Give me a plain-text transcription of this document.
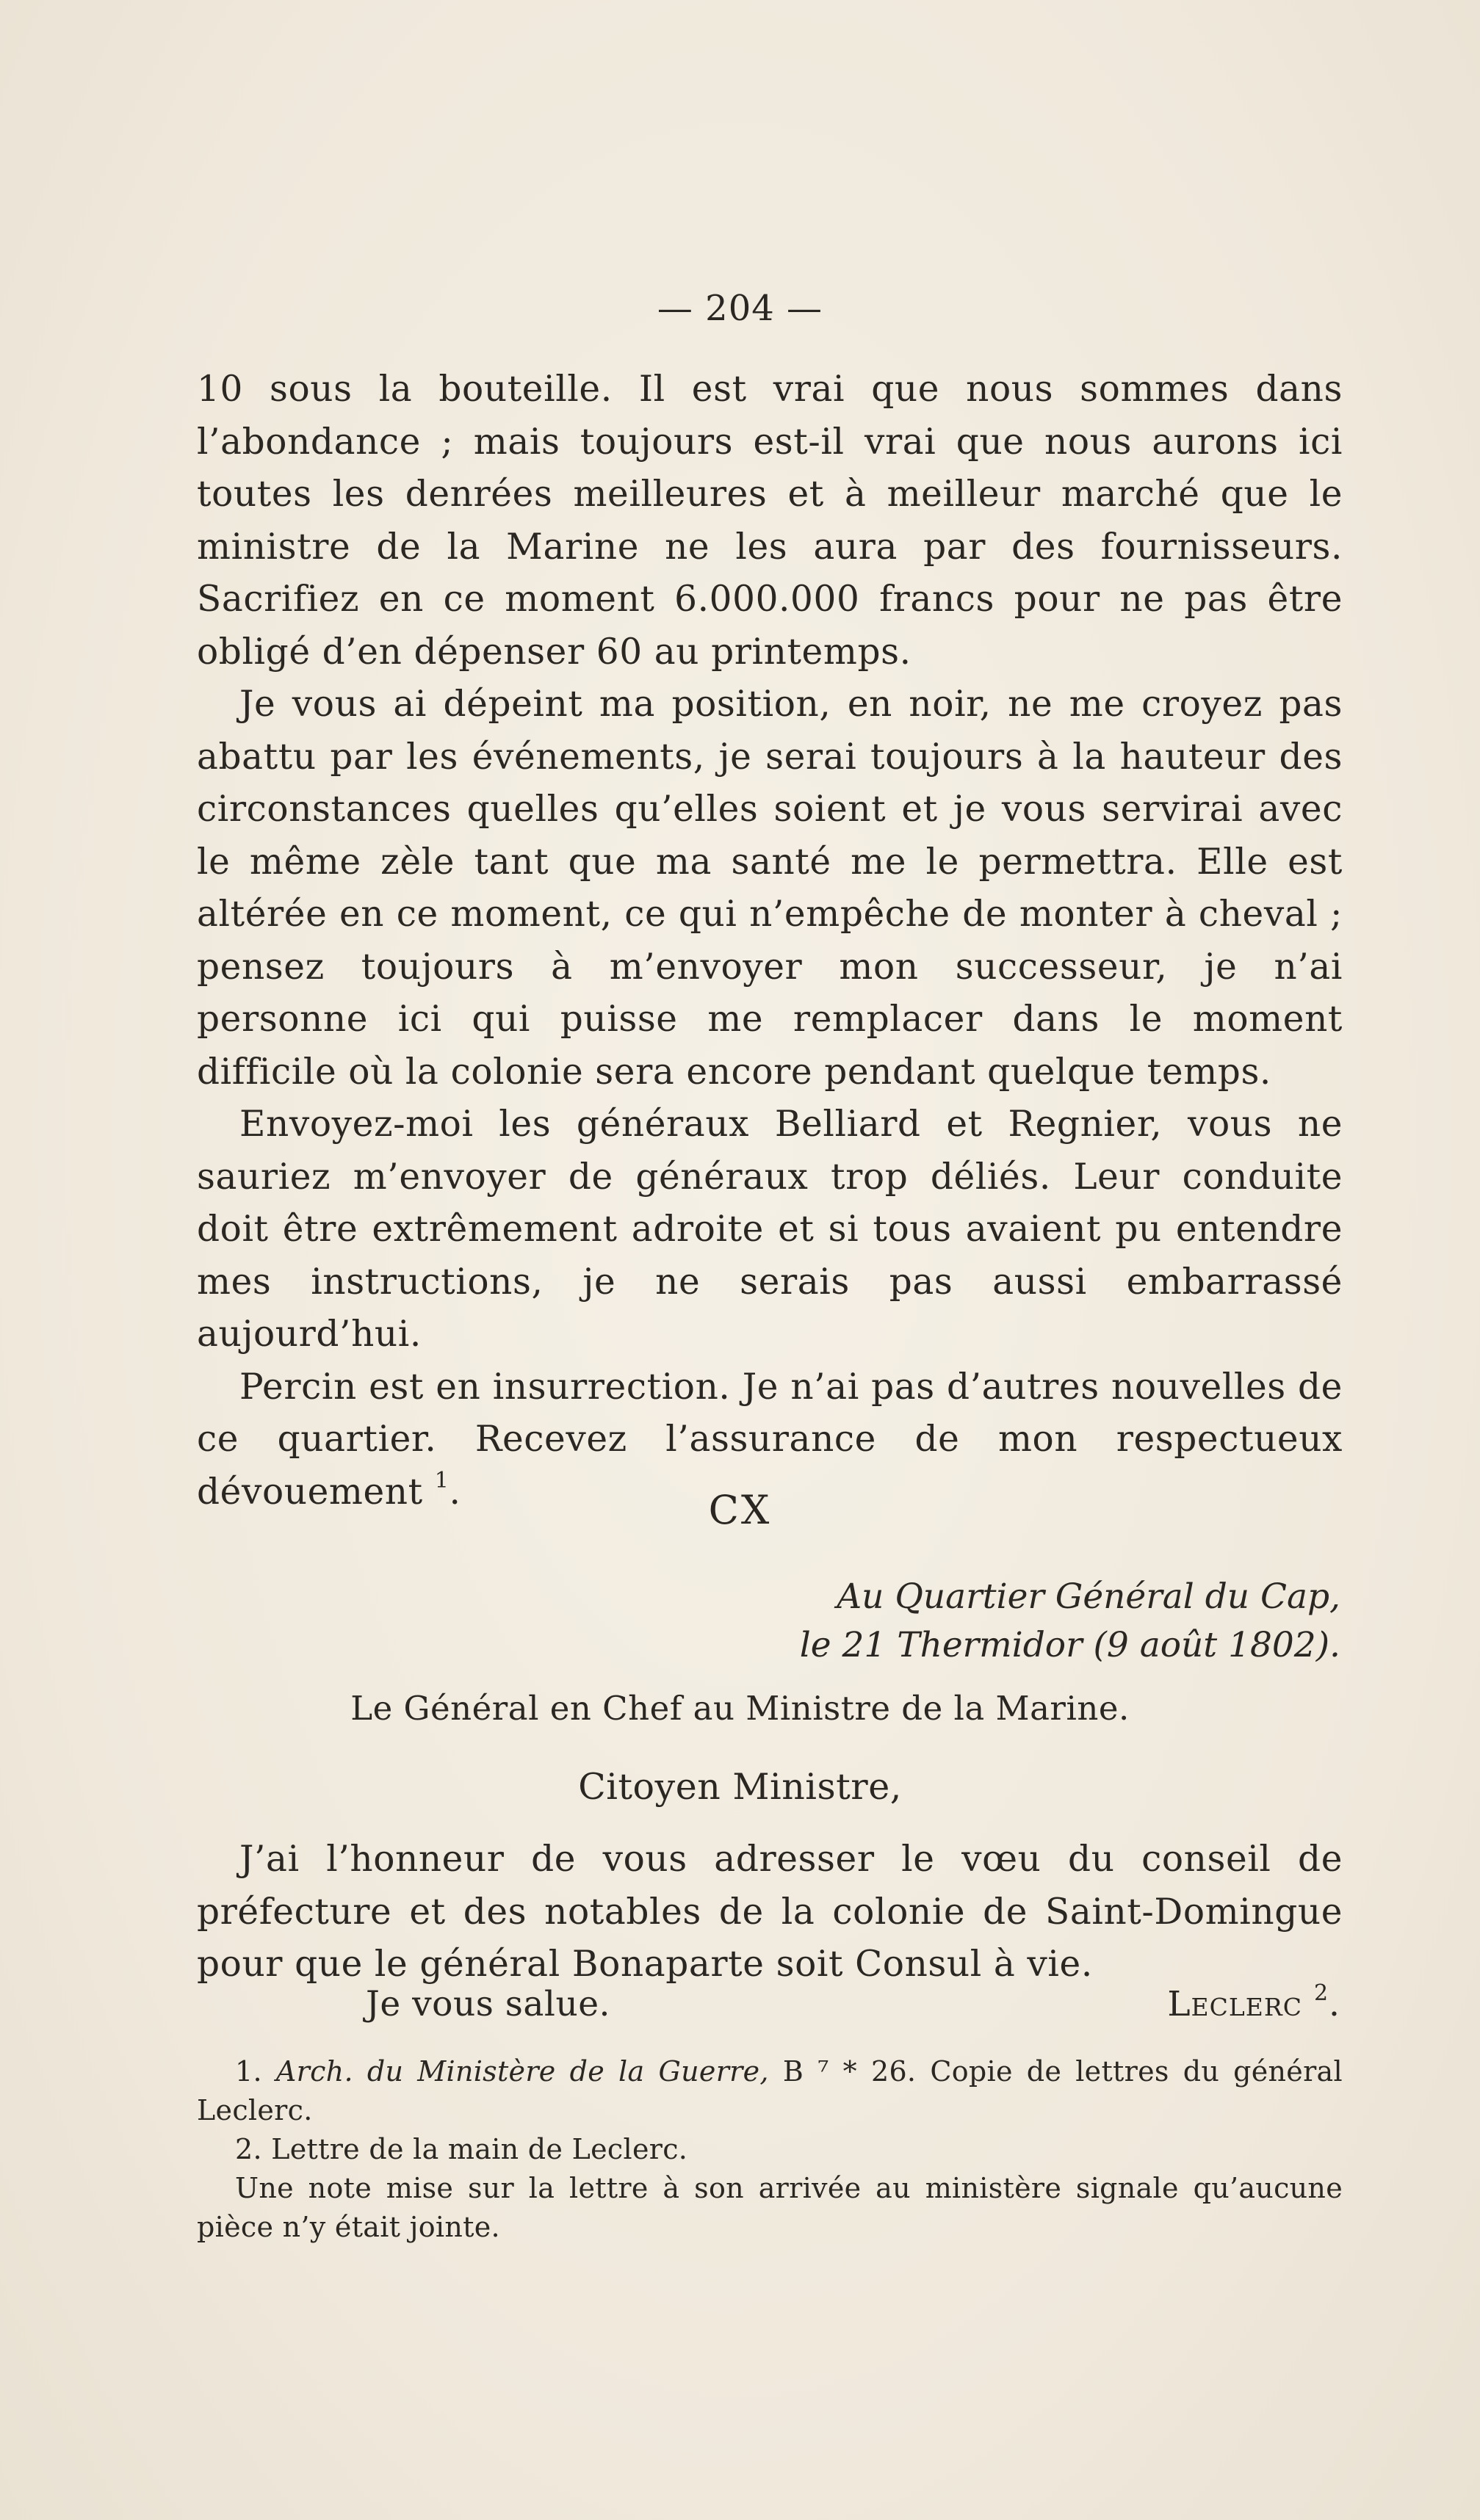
— 204 —

10 sous la bouteille. Il est vrai que nous sommes dans l’abondance ; mais toujours est-il vrai que nous aurons ici toutes les denrées meilleures et à meilleur marché que le ministre de la Marine ne les aura par des fournisseurs. Sacrifiez en ce moment 6.000.000 francs pour ne pas être obligé d’en dépenser 60 au printemps.

Je vous ai dépeint ma position, en noir, ne me croyez pas abattu par les événements, je serai toujours à la hauteur des circonstances quelles qu’elles soient et je vous servirai avec le même zèle tant que ma santé me le permettra. Elle est altérée en ce moment, ce qui n’empêche de monter à cheval ; pensez toujours à m’envoyer mon successeur, je n’ai personne ici qui puisse me remplacer dans le moment difficile où la colonie sera encore pendant quelque temps.

Envoyez-moi les généraux Belliard et Regnier, vous ne sauriez m’envoyer de généraux trop déliés. Leur conduite doit être extrêmement adroite et si tous avaient pu entendre mes instructions, je ne serais pas aussi embarrassé aujourd’hui.

Percin est en insurrection. Je n’ai pas d’autres nouvelles de ce quartier. Recevez l’assurance de mon respectueux dévouement $^1$.	CX
Au Quartier Général du Cap,
le 21 Thermidor (9 août 1802).
Le Général en Chef au Ministre de la Marine.
Citoyen Ministre,

J’ai l’honneur de vous adresser le vœu du conseil de préfecture et des notables de la colonie de Saint-Domingue pour que le général Bonaparte soit Consul à vie.

Je vous salue.	Leclerc $^2$.

1. Arch. du Ministère de la Guerre, B ⁷ * 26. Copie de lettres du général Leclerc.

2. Lettre de la main de Leclerc.

Une note mise sur la lettre à son arrivée au ministère signale qu’aucune pièce n’y était jointe.
